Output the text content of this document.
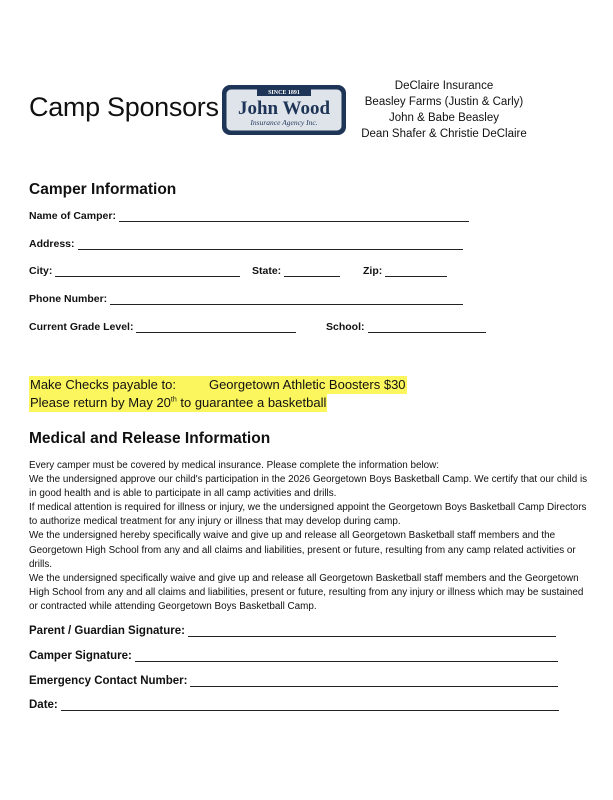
Camp Sponsors	SINCE 1891
John Wood
Insurance Agency Inc.
DeClaire Insurance
Beasley Farms (Justin & Carly)
John & Babe Beasley
Dean Shafer & Christie DeClaire
Camper Information
Name of Camper:
Address:
City:	State:	Zip:
Phone Number:
Current Grade Level:	School:
Make Checks payable to:	Georgetown Athletic Boosters $30
Please return by May 20th to guarantee a basketball
Medical and Release Information

Every camper must be covered by medical insurance. Please complete the information below:

We the undersigned approve our child's participation in the 2026 Georgetown Boys Basketball Camp. We certify that our child is in good health and is able to participate in all camp activities and drills.

If medical attention is required for illness or injury, we the undersigned appoint the Georgetown Boys Basketball Camp Directors to authorize medical treatment for any injury or illness that may develop during camp.

We the undersigned hereby specifically waive and give up and release all Georgetown Basketball staff members and the Georgetown High School from any and all claims and liabilities, present or future, resulting from any camp related activities or drills.

We the undersigned specifically waive and give up and release all Georgetown Basketball staff members and the Georgetown High School from any and all claims and liabilities, present or future, resulting from any injury or illness which may be sustained or contracted while attending Georgetown Boys Basketball Camp.

Parent / Guardian Signature:
Camper Signature:
Emergency Contact Number:
Date:
